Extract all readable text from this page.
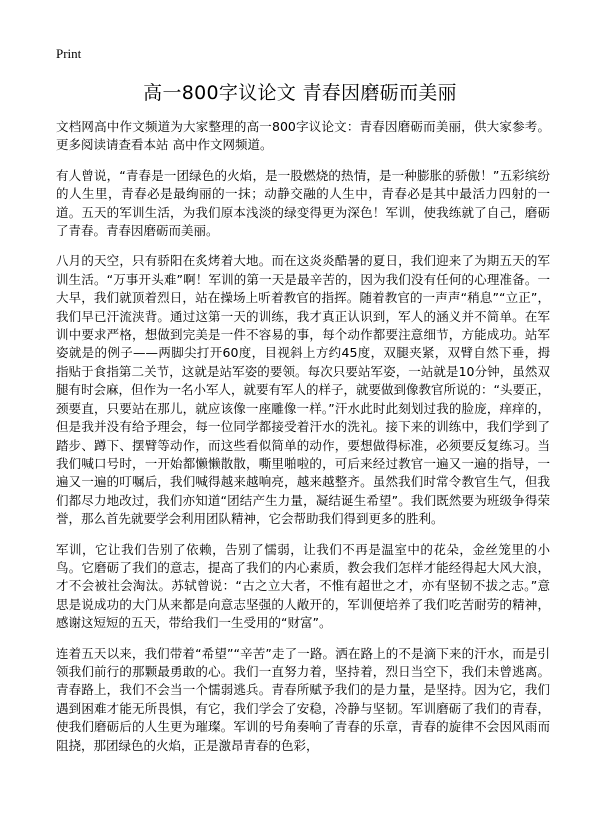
Print
高一800字议论文 青春因磨砺而美丽

文档网高中作文频道为大家整理的高一800字议论文：青春因磨砺而美丽，供大家参考。更多阅读请查看本站 高中作文网频道。

有人曾说，“青春是一团绿色的火焰，是一股燃烧的热情，是一种膨胀的骄傲！”五彩缤纷的人生里，青春必是最绚丽的一抹；动静交融的人生中，青春必是其中最活力四射的一道。五天的军训生活，为我们原本浅淡的绿变得更为深色！军训，使我练就了自己，磨砺了青春。青春因磨砺而美丽。

八月的天空，只有骄阳在炙烤着大地。而在这炎炎酷暑的夏日，我们迎来了为期五天的军训生活。“万事开头难”啊！军训的第一天是最辛苦的，因为我们没有任何的心理准备。一大早，我们就顶着烈日，站在操场上听着教官的指挥。随着教官的一声声“稍息”“立正”，我们早已汗流浃背。通过这第一天的训练，我才真正认识到，军人的涵义并不简单。在军训中要求严格，想做到完美是一件不容易的事，每个动作都要注意细节，方能成功。站军姿就是的例子——两脚尖打开60度，目视斜上方约45度，双腿夹紧，双臂自然下垂，拇指贴于食指第二关节，这就是站军姿的要领。每次只要站军姿，一站就是10分钟，虽然双腿有时会麻，但作为一名小军人，就要有军人的样子，就要做到像教官所说的：“头要正，颈要直，只要站在那儿，就应该像一座雕像一样。”汗水此时此刻划过我的脸庞，痒痒的，但是我并没有给予理会，每一位同学都接受着汗水的洗礼。接下来的训练中，我们学到了踏步、蹲下、摆臂等动作，而这些看似简单的动作，要想做得标准，必须要反复练习。当我们喊口号时，一开始都懒懒散散，嘶里啪啦的，可后来经过教官一遍又一遍的指导，一遍又一遍的叮嘱后，我们喊得越来越响亮，越来越整齐。虽然我们时常令教官生气，但我们都尽力地改过，我们亦知道“团结产生力量，凝结诞生希望”。我们既然要为班级争得荣誉，那么首先就要学会利用团队精神，它会帮助我们得到更多的胜利。

军训，它让我们告别了依赖，告别了懦弱，让我们不再是温室中的花朵，金丝笼里的小鸟。它磨砺了我们的意志，提高了我们的内心素质，教会我们怎样才能经得起大风大浪，才不会被社会淘汰。苏轼曾说：“古之立大者，不惟有超世之才，亦有坚韧不拔之志。”意思是说成功的大门从来都是向意志坚强的人敞开的，军训便培养了我们吃苦耐劳的精神，感谢这短短的五天，带给我们一生受用的“财富”。

连着五天以来，我们带着“希望”“辛苦”走了一路。洒在路上的不是滴下来的汗水，而是引领我们前行的那颗最勇敢的心。我们一直努力着，坚持着，烈日当空下，我们未曾逃离。青春路上，我们不会当一个懦弱逃兵。青春所赋予我们的是力量，是坚持。因为它，我们遇到困难才能无所畏惧，有它，我们学会了安稳，冷静与坚韧。军训磨砺了我们的青春，使我们磨砺后的人生更为璀璨。军训的号角奏响了青春的乐章，青春的旋律不会因风雨而阻挠，那团绿色的火焰，正是激昂青春的色彩，
